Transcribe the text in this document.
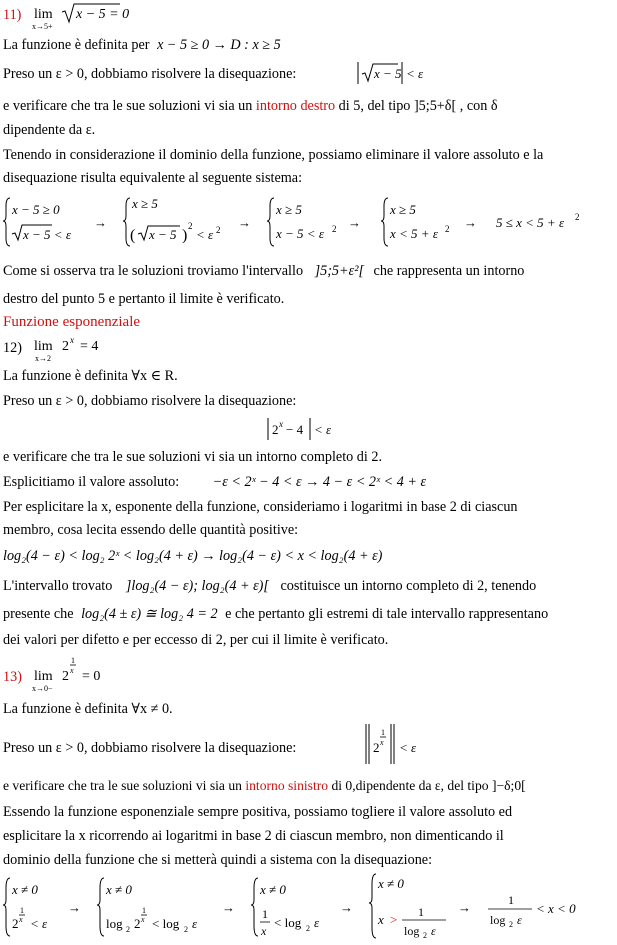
11) lim
x→5+
x − 5 = 0
La funzione è definita per x − 5 ≥ 0 → D : x ≥ 5
Preso un ε > 0, dobbiamo risolvere la disequazione:	x − 5 < ε
e verificare che tra le sue soluzioni vi sia un intorno destro di 5, del tipo ]5;5+δ[ , con δ
dipendente da ε.
Tenendo in considerazione il dominio della funzione, possiamo eliminare il valore assoluto e la
disequazione risulta equivalente al seguente sistema:
x − 5 ≥ 0
x − 5 < ε
→
x ≥ 5
( x − 5 )
2
< ε 2 →
x ≥ 5
x − 5 < ε 2 →
x ≥ 5
x < 5 + ε 2 → 5 ≤ x < 5 + ε 2
Come si osserva tra le soluzioni troviamo l'intervallo ]5;5+ε²[ che rappresenta un intorno
destro del punto 5 e pertanto il limite è verificato.
Funzione esponenziale
12) lim
x→2
2 x = 4
La funzione è definita ∀x ∈ R.
Preso un ε > 0, dobbiamo risolvere la disequazione:
2 x − 4 < ε
e verificare che tra le sue soluzioni vi sia un intorno completo di 2.
Esplicitiamo il valore assoluto: −ε < 2ˣ − 4 < ε → 4 − ε < 2ˣ < 4 + ε
Per esplicitare la x, esponente della funzione, consideriamo i logaritmi in base 2 di ciascun
membro, cosa lecita essendo delle quantità positive:
log₂(4 − ε) < log₂ 2ˣ < log₂(4 + ε) → log₂(4 − ε) < x < log₂(4 + ε)
L'intervallo trovato ]log₂(4 − ε); log₂(4 + ε)[ costituisce un intorno completo di 2, tenendo
presente che log₂(4 ± ε) ≅ log₂ 4 = 2 e che pertanto gli estremi di tale intervallo rappresentano
dei valori per difetto e per eccesso di 2, per cui il limite è verificato.
13) lim
x→0−
2
1
x = 0
La funzione è definita ∀x ≠ 0.
Preso un ε > 0, dobbiamo risolvere la disequazione:	2
1
x < ε
e verificare che tra le sue soluzioni vi sia un intorno sinistro di 0,dipendente da ε, del tipo ]−δ;0[
Essendo la funzione esponenziale sempre positiva, possiamo togliere il valore assoluto ed
esplicitare la x ricorrendo ai logaritmi in base 2 di ciascun membro, non dimenticando il
dominio della funzione che si metterà quindi a sistema con la disequazione:
x ≠ 0
2
1
x < ε
→
x ≠ 0
log 2 2
1
x < log 2 ε
→
x ≠ 0
1
x
< log 2 ε
→
x ≠ 0
x > 1
log 2 ε
→	1
log 2 ε
< x < 0
